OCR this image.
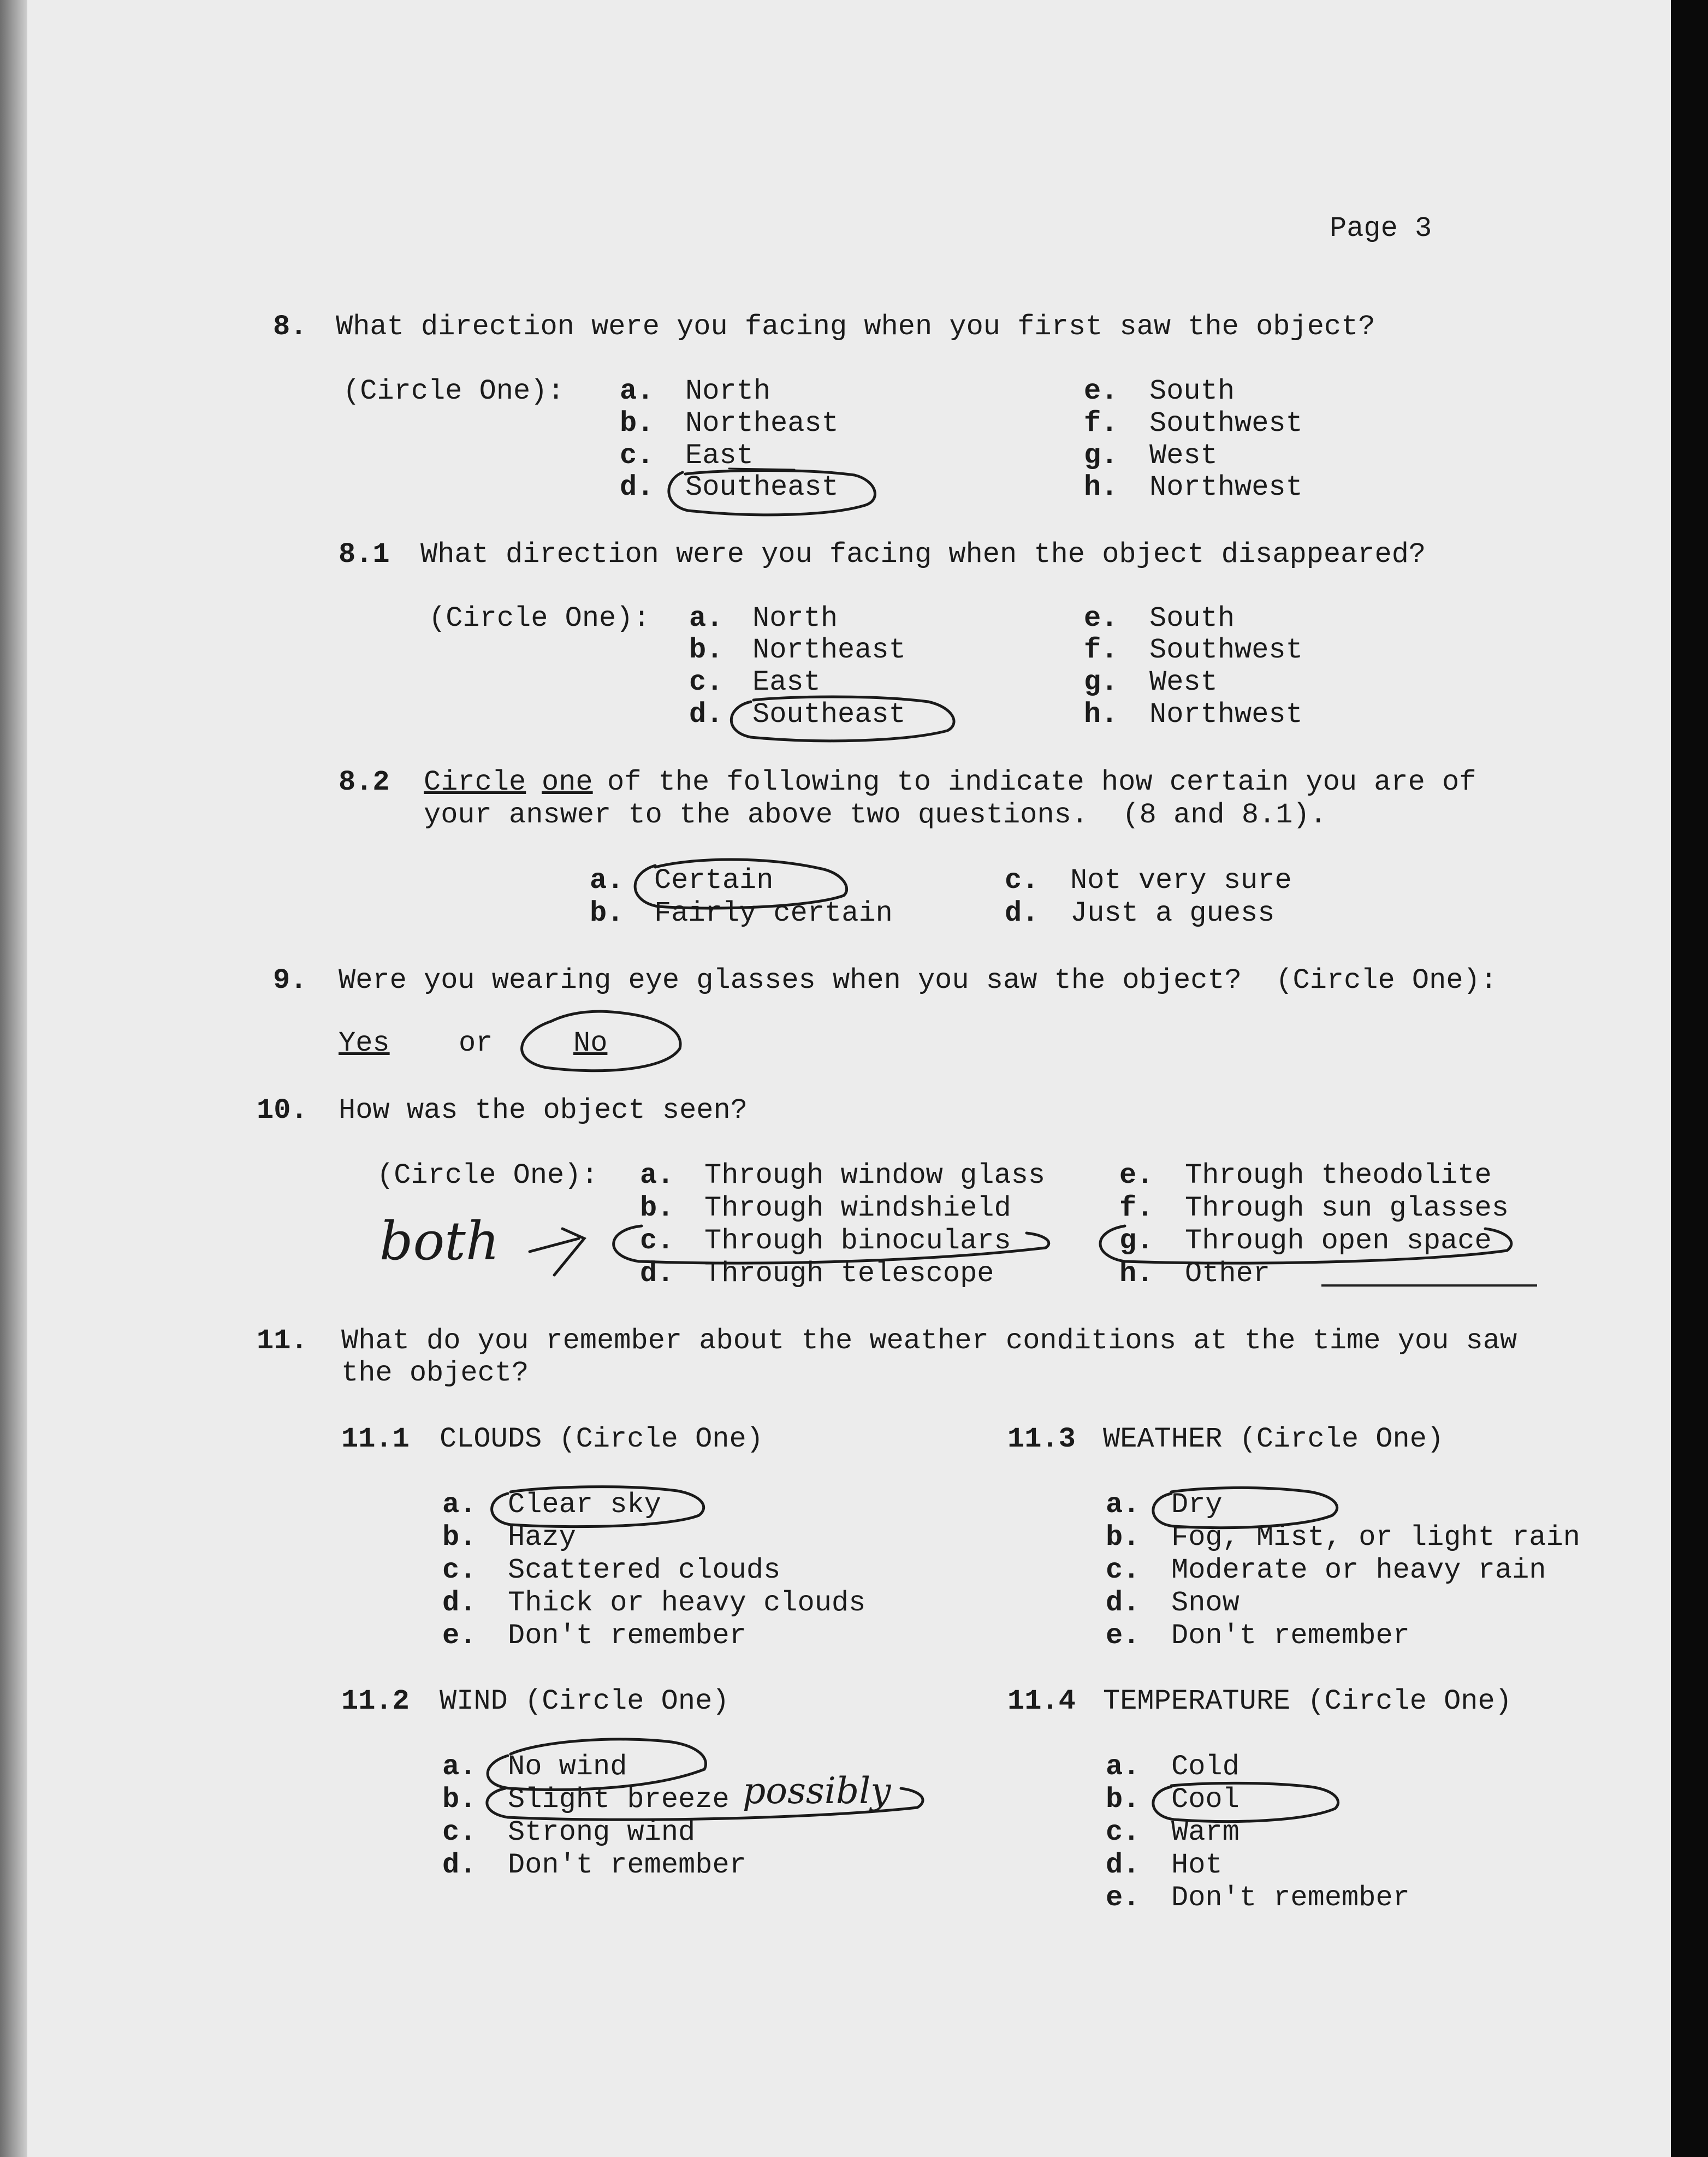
Page 3
8. What direction were you facing when you first saw the object?
(Circle One): a. North
b. Northeast
c. East
d. Southeast
e. South
f. Southwest
g. West
h. Northwest
8.1 What direction were you facing when the object disappeared?
(Circle One): a. North
b. Northeast
c. East
d. Southeast
e. South
f. Southwest
g. West
h. Northwest
8.2 Circle one of the following to indicate how certain you are of
your answer to the above two questions.  (8 and 8.1).
a. Certain
b. Fairly certain
c. Not very sure
d. Just a guess
9. Were you wearing eye glasses when you saw the object?  (Circle One):
Yes or	No
10. How was the object seen?
(Circle One): a. Through window glass
b. Through windshield
c. Through binoculars
d. Through telescope
e. Through theodolite
f. Through sun glasses
g. Through open space
h. Other
both
11. What do you remember about the weather conditions at the time you saw
the object?
11.1 CLOUDS (Circle One)
a. Clear sky
b. Hazy
c. Scattered clouds
d. Thick or heavy clouds
e. Don't remember
11.2 WIND (Circle One)
a. No wind
b. Slight breeze
c. Strong wind
d. Don't remember
possibly
11.3 WEATHER (Circle One)
a. Dry
b. Fog, Mist, or light rain
c. Moderate or heavy rain
d. Snow
e. Don't remember
11.4 TEMPERATURE (Circle One)
a. Cold
b. Cool
c. Warm
d. Hot
e. Don't remember
